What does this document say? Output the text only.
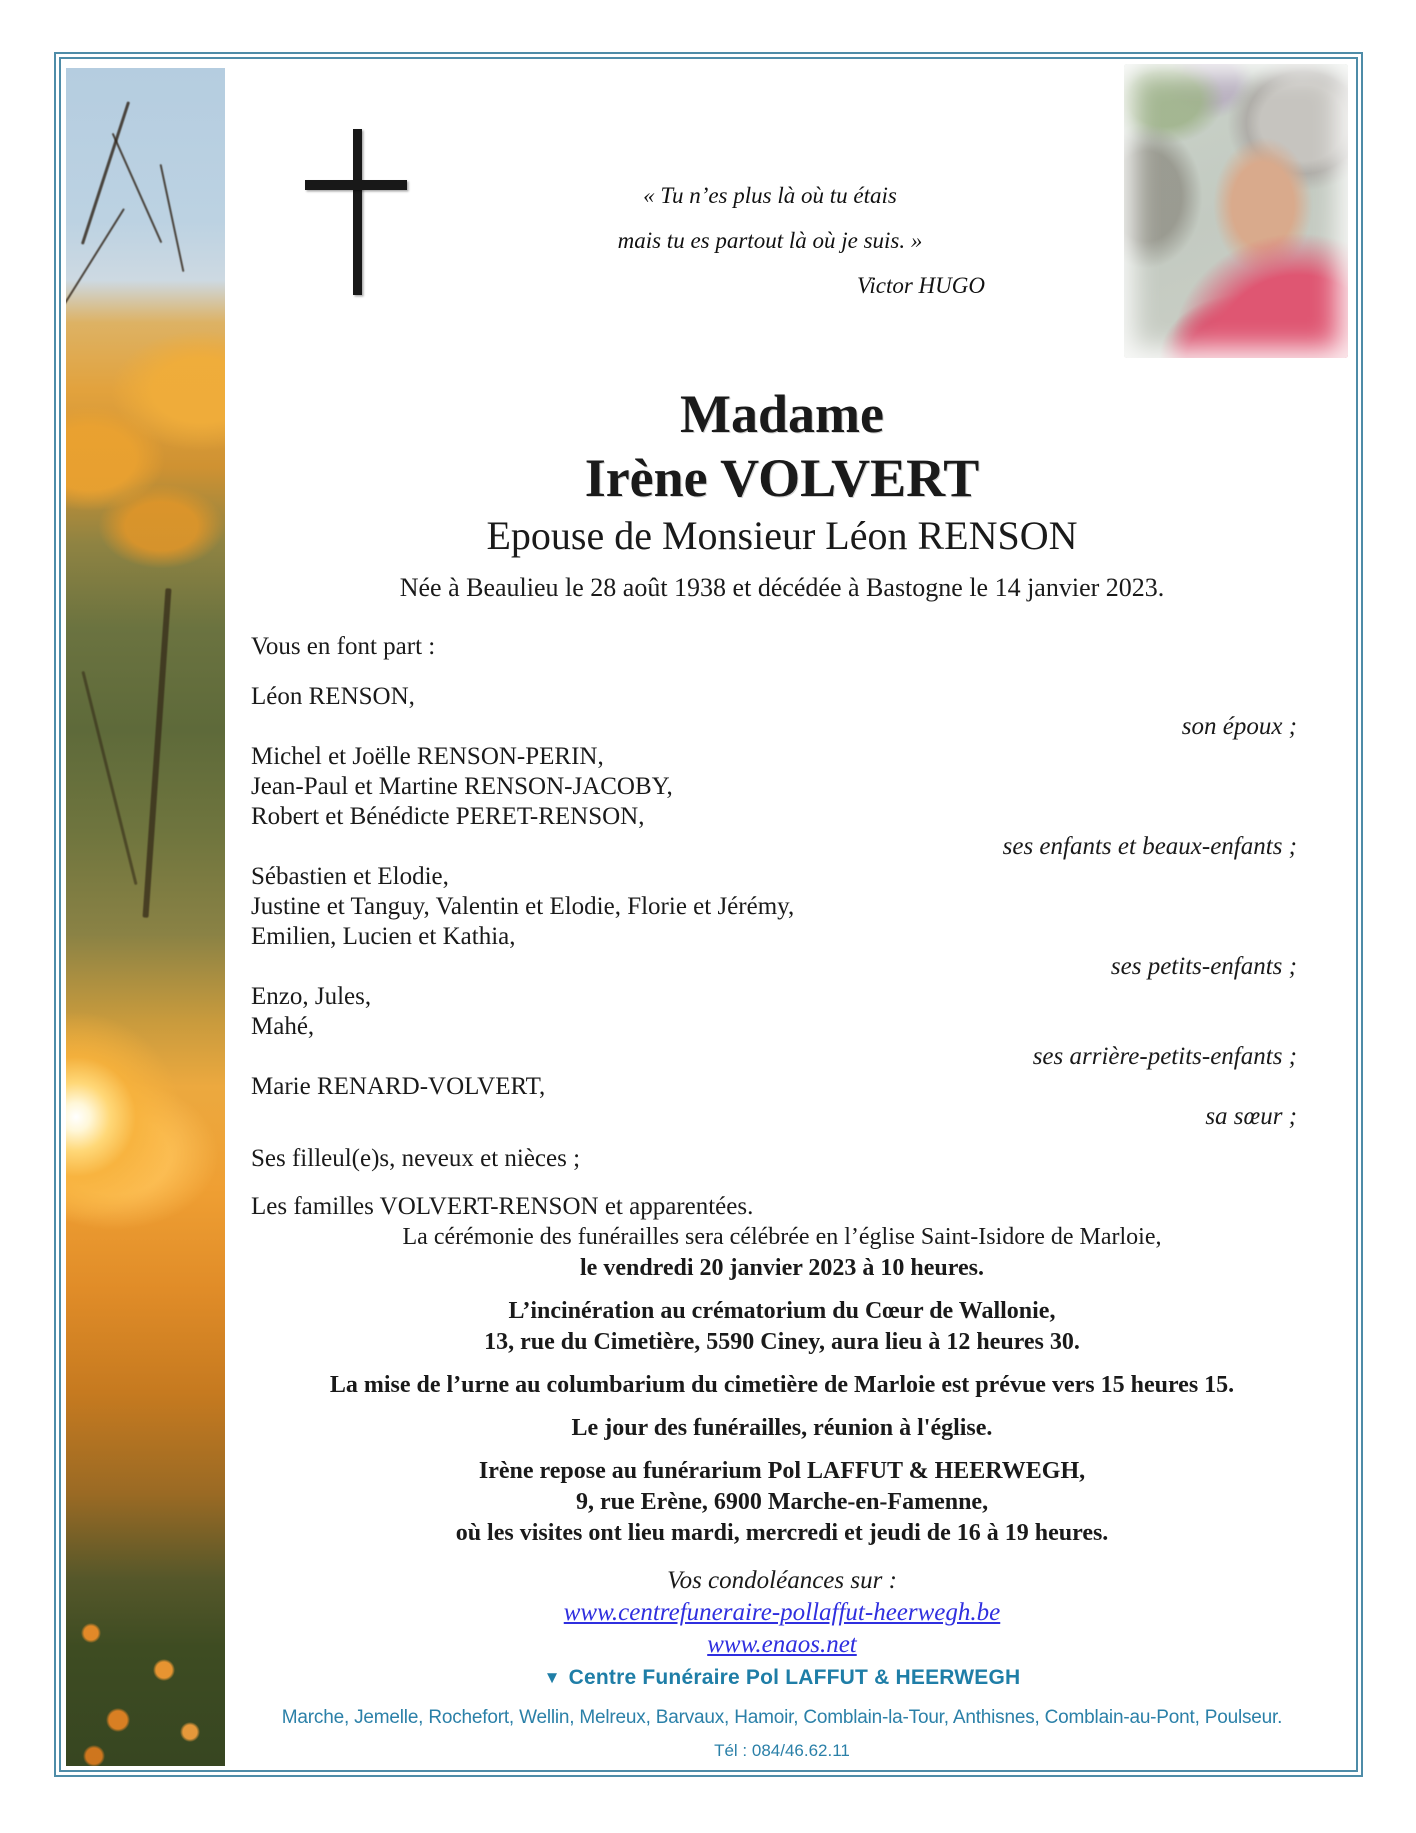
« Tu n’es plus là où tu étais
mais tu es partout là où je suis. »
Victor HUGO
Madame
Irène VOLVERT
Epouse de Monsieur Léon RENSON
Née à Beaulieu le 28 août 1938 et décédée à Bastogne le 14 janvier 2023.
Vous en font part :
Léon RENSON,
son époux ;
Michel et Joëlle RENSON-PERIN,
Jean-Paul et Martine RENSON-JACOBY,
Robert et Bénédicte PERET-RENSON,
ses enfants et beaux-enfants ;
Sébastien et Elodie,
Justine et Tanguy, Valentin et Elodie, Florie et Jérémy,
Emilien, Lucien et Kathia,
ses petits-enfants ;
Enzo, Jules,
Mahé,
ses arrière-petits-enfants ;
Marie RENARD-VOLVERT,
sa sœur ;
Ses filleul(e)s, neveux et nièces ;
Les familles VOLVERT-RENSON et apparentées.
La cérémonie des funérailles sera célébrée en l’église Saint-Isidore de Marloie,
le vendredi 20 janvier 2023 à 10 heures.
L’incinération au crématorium du Cœur de Wallonie,
13, rue du Cimetière, 5590 Ciney, aura lieu à 12 heures 30.
La mise de l’urne au columbarium du cimetière de Marloie est prévue vers 15 heures 15.
Le jour des funérailles, réunion à l'église.
Irène repose au funérarium Pol LAFFUT & HEERWEGH,
9, rue Erène, 6900 Marche-en-Famenne,
où les visites ont lieu mardi, mercredi et jeudi de 16 à 19 heures.
Vos condoléances sur :
www.centrefuneraire-pollaffut-heerwegh.be
www.enaos.net
▼ Centre Funéraire Pol LAFFUT & HEERWEGH
Marche, Jemelle, Rochefort, Wellin, Melreux, Barvaux, Hamoir, Comblain-la-Tour, Anthisnes, Comblain-au-Pont, Poulseur.
Tél : 084/46.62.11
